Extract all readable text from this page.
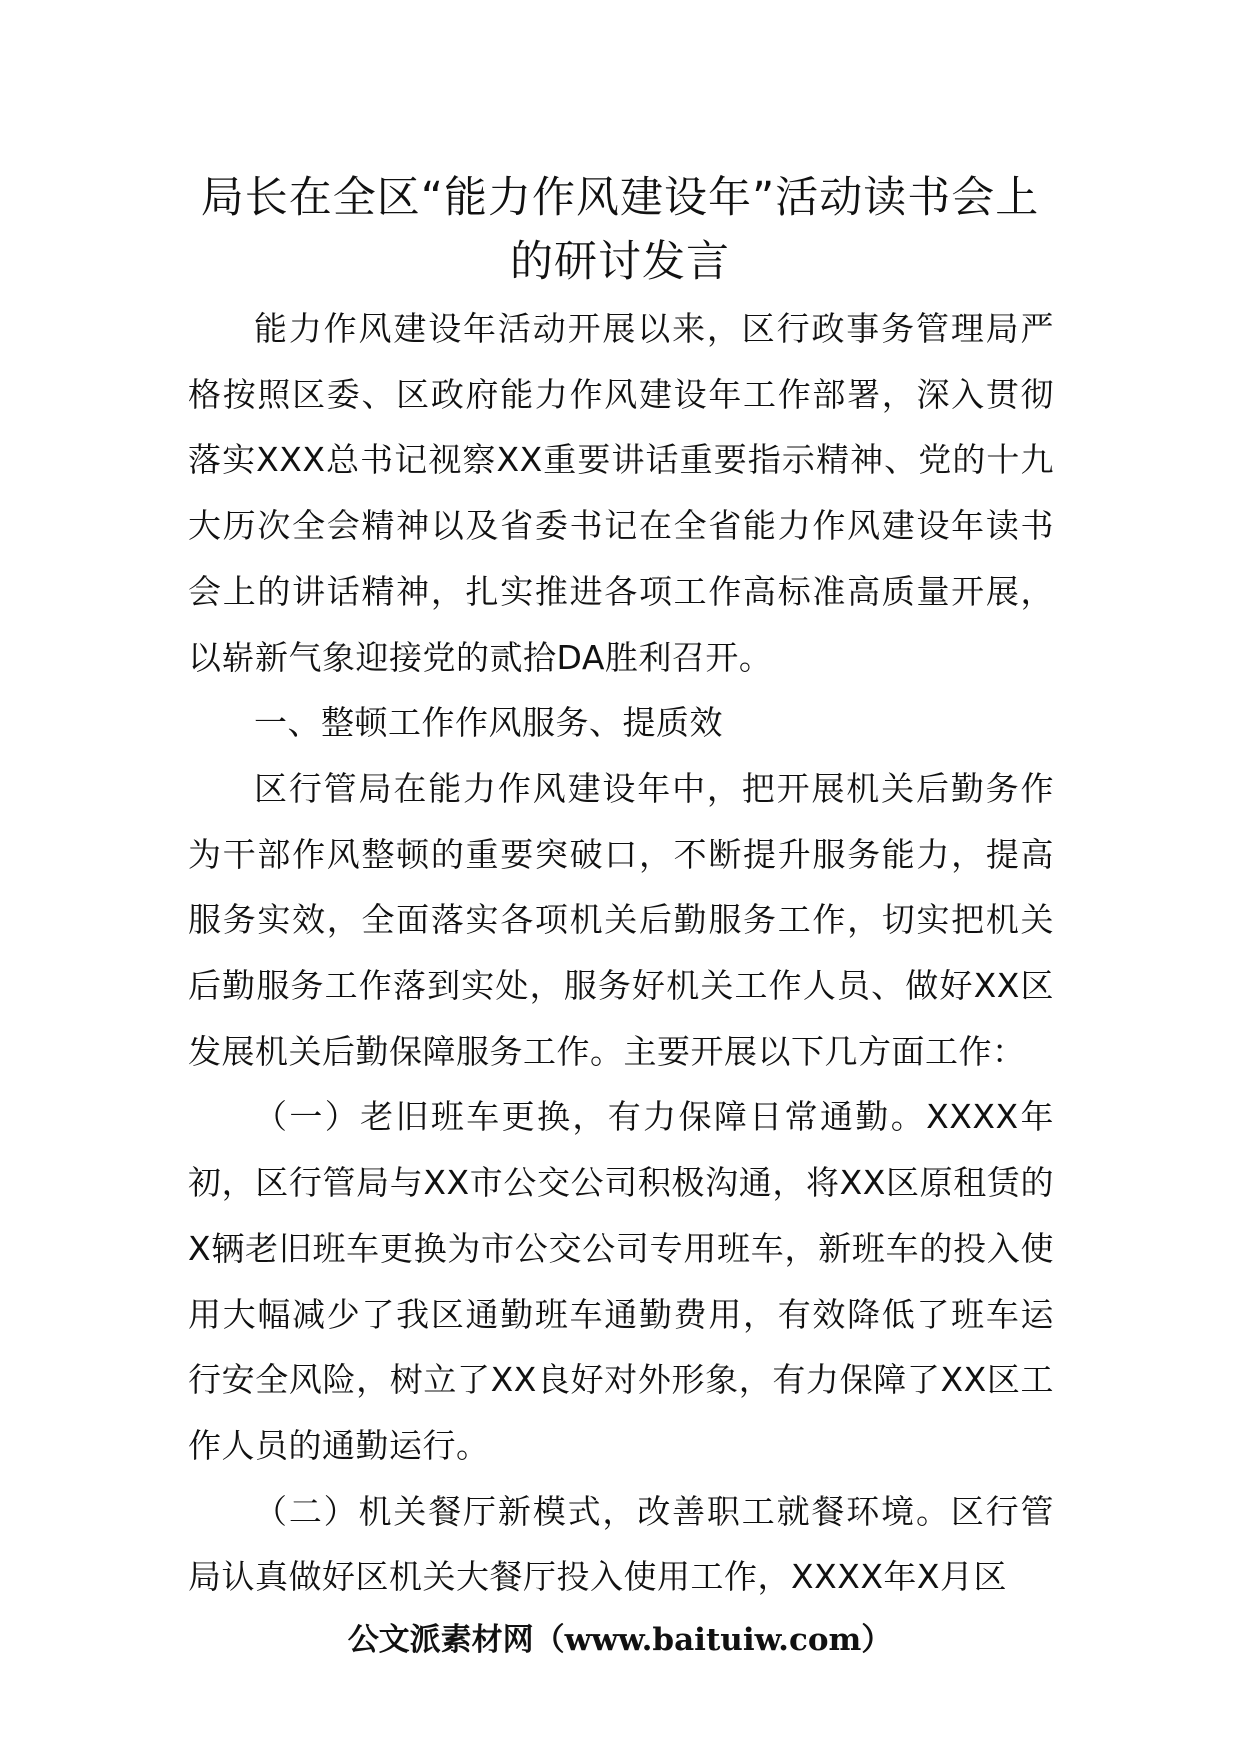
局长在全区“能力作风建设年”活动读书会上的研讨发言

能力作风建设年活动开展以来，区行政事务管理局严格按照区委、区政府能力作风建设年工作部署，深入贯彻落实XXX总书记视察XX重要讲话重要指示精神、党的十九大历次全会精神以及省委书记在全省能力作风建设年读书会上的讲话精神，扎实推进各项工作高标准高质量开展，以崭新气象迎接党的贰拾DA胜利召开。

一、整顿工作作风服务、提质效

区行管局在能力作风建设年中，把开展机关后勤务作为干部作风整顿的重要突破口，不断提升服务能力，提高服务实效，全面落实各项机关后勤服务工作，切实把机关后勤服务工作落到实处，服务好机关工作人员、做好XX区发展机关后勤保障服务工作。主要开展以下几方面工作：

（一）老旧班车更换，有力保障日常通勤。XXXX年初，区行管局与XX市公交公司积极沟通，将XX区原租赁的X辆老旧班车更换为市公交公司专用班车，新班车的投入使用大幅减少了我区通勤班车通勤费用，有效降低了班车运行安全风险，树立了XX良好对外形象，有力保障了XX区工作人员的通勤运行。

（二）机关餐厅新模式，改善职工就餐环境。区行管局认真做好区机关大餐厅投入使用工作，XXXX年X月区

公文派素材网（www.baituiw.com）
